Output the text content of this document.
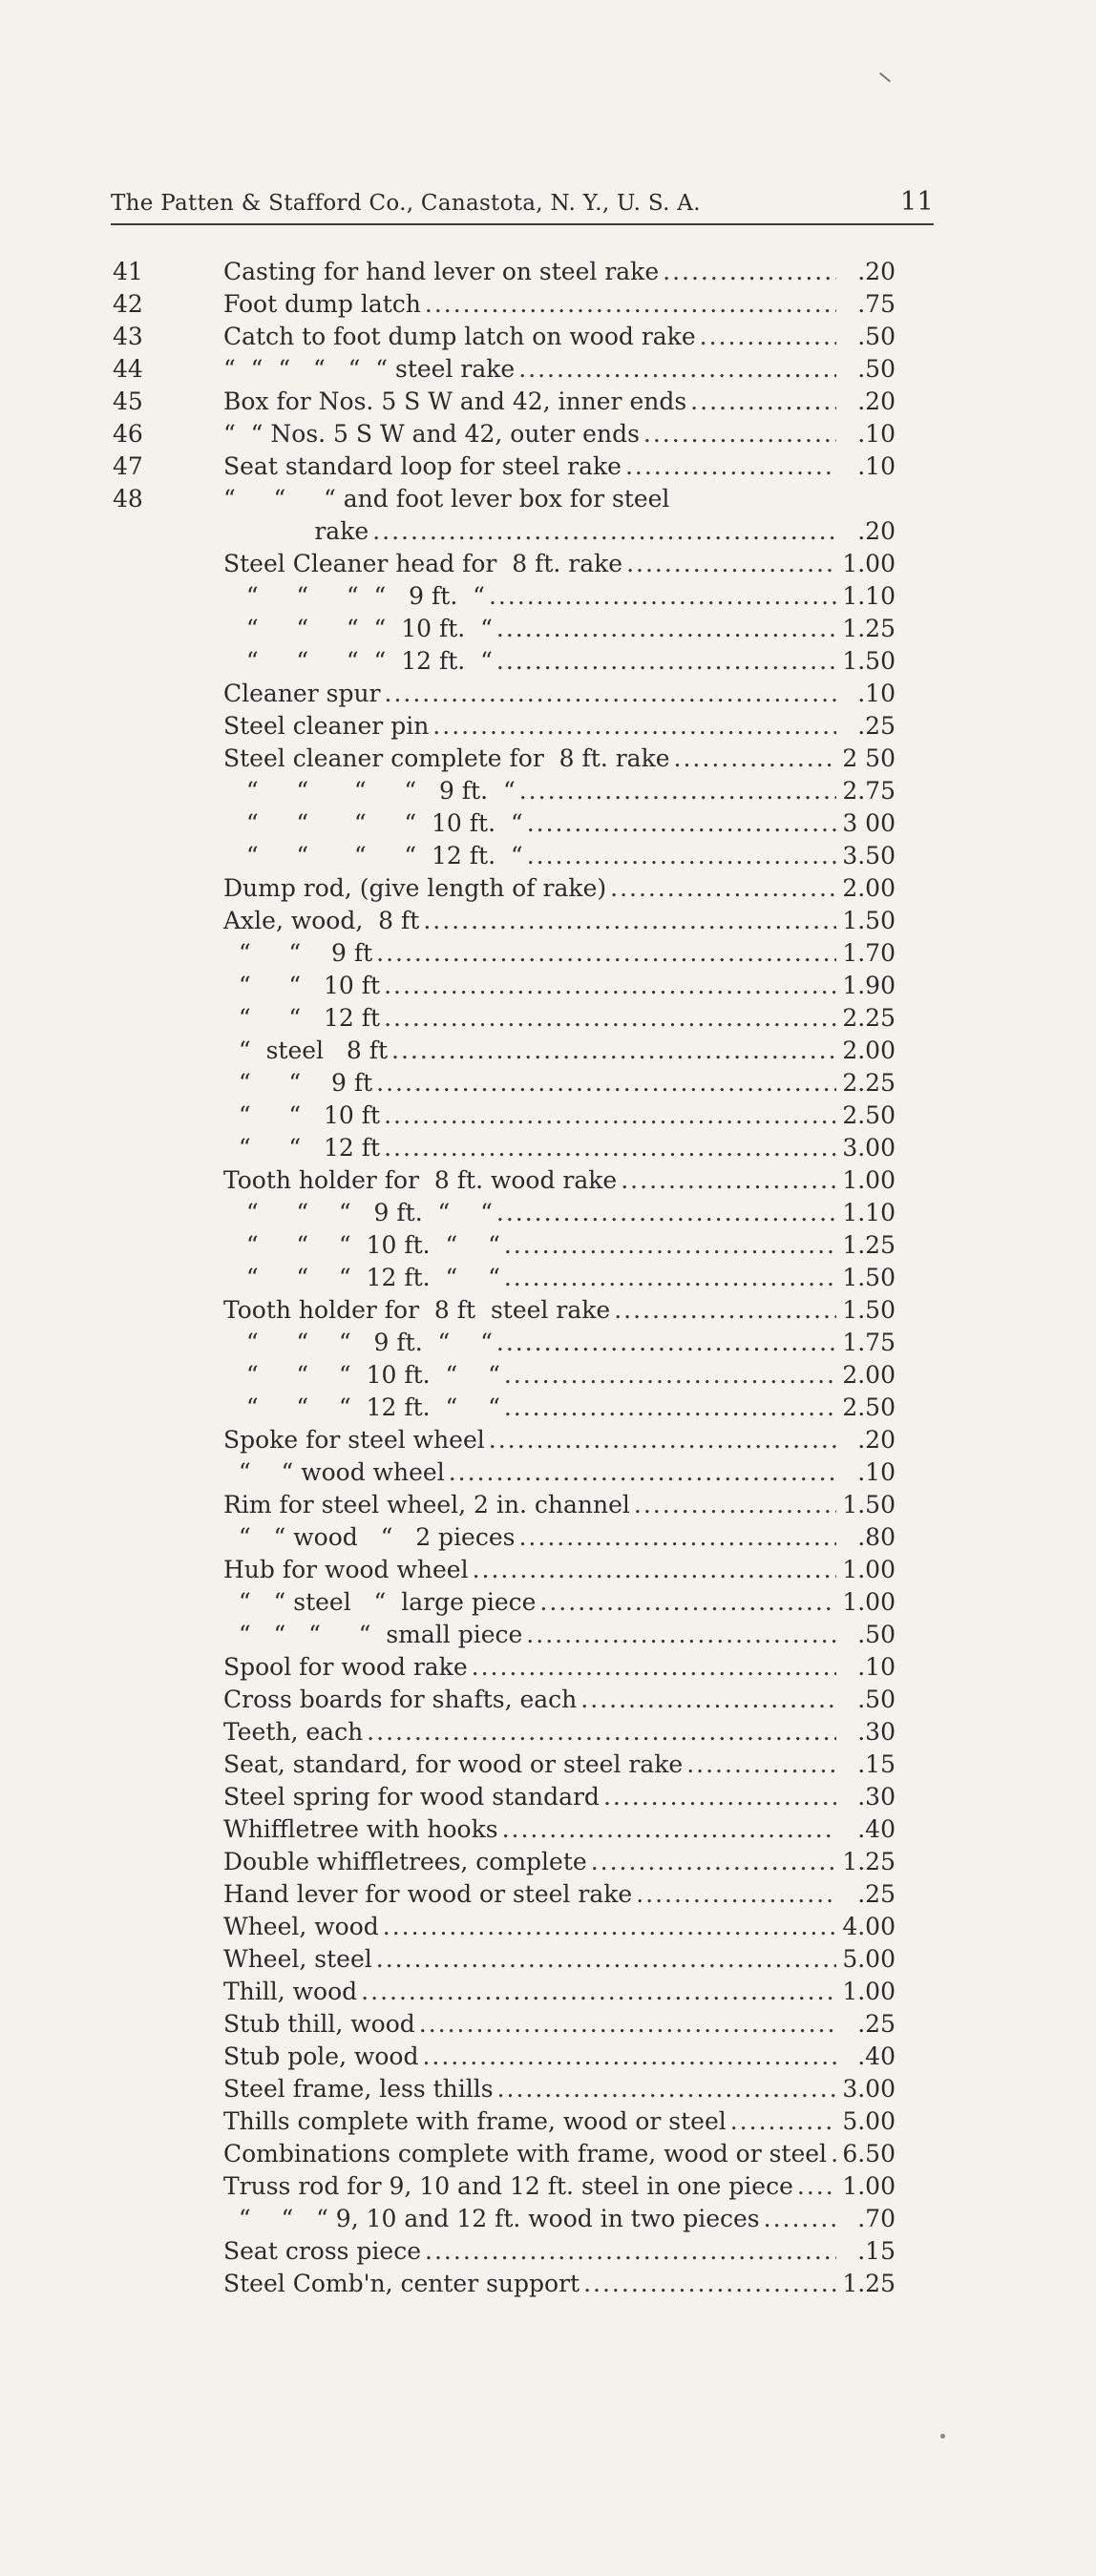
The Patten & Stafford Co., Canastota, N. Y., U. S. A.	11
41	Casting for hand lever on steel rake .....	.20
42	Foot dump latch .....	.75
43	Catch to foot dump latch on wood rake .....	.50
44	“  “  “   “   “  “ steel rake .....	.50
45	Box for Nos. 5 S W and 42, inner ends .....	.20
46	“  “ Nos. 5 S W and 42, outer ends .....	.10
47	Seat standard loop for steel rake .....	.10
48	“     “     “ and foot lever box for steel
rake .....	.20
Steel Cleaner head for  8 ft. rake .....	1.00
“     “     “  “   9 ft.  “ .....	1.10
“     “     “  “  10 ft.  “ .....	1.25
“     “     “  “  12 ft.  “ .....	1.50
Cleaner spur .....	.10
Steel cleaner pin .....	.25
Steel cleaner complete for  8 ft. rake .....	2 50
“     “      “     “   9 ft.  “ .....	2.75
“     “      “     “  10 ft.  “ .....	3 00
“     “      “     “  12 ft.  “ .....	3.50
Dump rod, (give length of rake) .....	2.00
Axle, wood,  8 ft .....	1.50
“     “    9 ft .....	1.70
“     “   10 ft .....	1.90
“     “   12 ft .....	2.25
“  steel   8 ft .....	2.00
“     “    9 ft .....	2.25
“     “   10 ft .....	2.50
“     “   12 ft .....	3.00
Tooth holder for  8 ft. wood rake .....	1.00
“     “    “   9 ft.  “    “ .....	1.10
“     “    “  10 ft.  “    “ .....	1.25
“     “    “  12 ft.  “    “ .....	1.50
Tooth holder for  8 ft  steel rake .....	1.50
“     “    “   9 ft.  “    “ .....	1.75
“     “    “  10 ft.  “    “ .....	2.00
“     “    “  12 ft.  “    “ .....	2.50
Spoke for steel wheel .....	.20
“    “ wood wheel .....	.10
Rim for steel wheel, 2 in. channel .....	1.50
“   “ wood   “   2 pieces .....	.80
Hub for wood wheel .....	1.00
“   “ steel   “  large piece .....	1.00
“   “   “     “  small piece .....	.50
Spool for wood rake .....	.10
Cross boards for shafts, each .....	.50
Teeth, each .....	.30
Seat, standard, for wood or steel rake .....	.15
Steel spring for wood standard .....	.30
Whiffletree with hooks .....	.40
Double whiffletrees, complete .....	1.25
Hand lever for wood or steel rake .....	.25
Wheel, wood .....	4.00
Wheel, steel .....	5.00
Thill, wood .....	1.00
Stub thill, wood .....	.25
Stub pole, wood .....	.40
Steel frame, less thills .....	3.00
Thills complete with frame, wood or steel .....	5.00
Combinations complete with frame, wood or steel ..... 6.50
Truss rod for 9, 10 and 12 ft. steel in one piece ..... 1.00
“    “   “ 9, 10 and 12 ft. wood in two pieces .....	.70
Seat cross piece .....	.15
Steel Comb'n, center support .....	1.25
